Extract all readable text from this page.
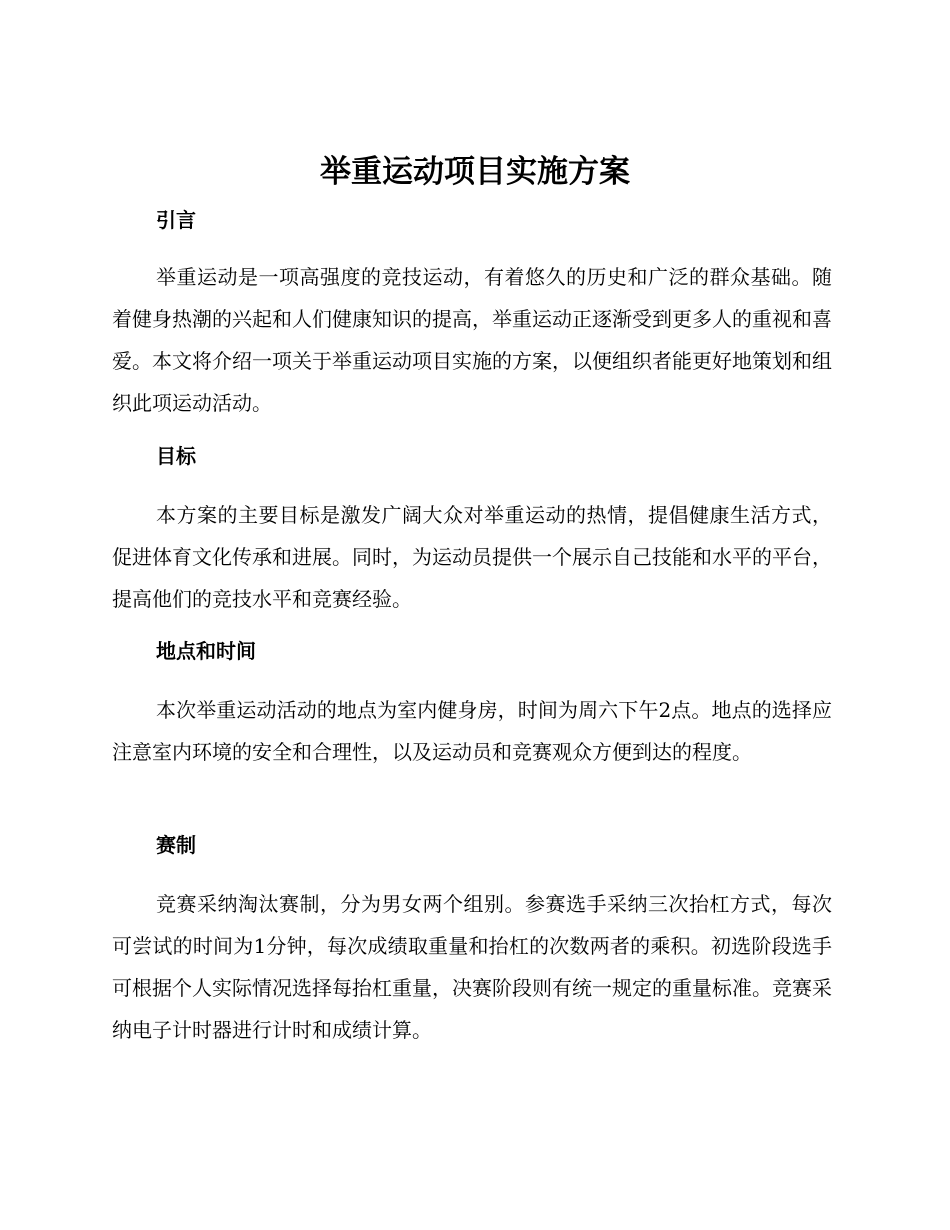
举重运动项目实施方案
引言

举重运动是一项高强度的竞技运动，有着悠久的历史和广泛的群众基础。随着健身热潮的兴起和人们健康知识的提高，举重运动正逐渐受到更多人的重视和喜爱。本文将介绍一项关于举重运动项目实施的方案，以便组织者能更好地策划和组织此项运动活动。

目标

本方案的主要目标是激发广阔大众对举重运动的热情，提倡健康生活方式，促进体育文化传承和进展。同时，为运动员提供一个展示自己技能和水平的平台，提高他们的竞技水平和竞赛经验。

地点和时间

本次举重运动活动的地点为室内健身房，时间为周六下午2点。地点的选择应注意室内环境的安全和合理性，以及运动员和竞赛观众方便到达的程度。

赛制

竞赛采纳淘汰赛制，分为男女两个组别。参赛选手采纳三次抬杠方式，每次可尝试的时间为1分钟，每次成绩取重量和抬杠的次数两者的乘积。初选阶段选手可根据个人实际情况选择每抬杠重量，决赛阶段则有统一规定的重量标准。竞赛采纳电子计时器进行计时和成绩计算。
